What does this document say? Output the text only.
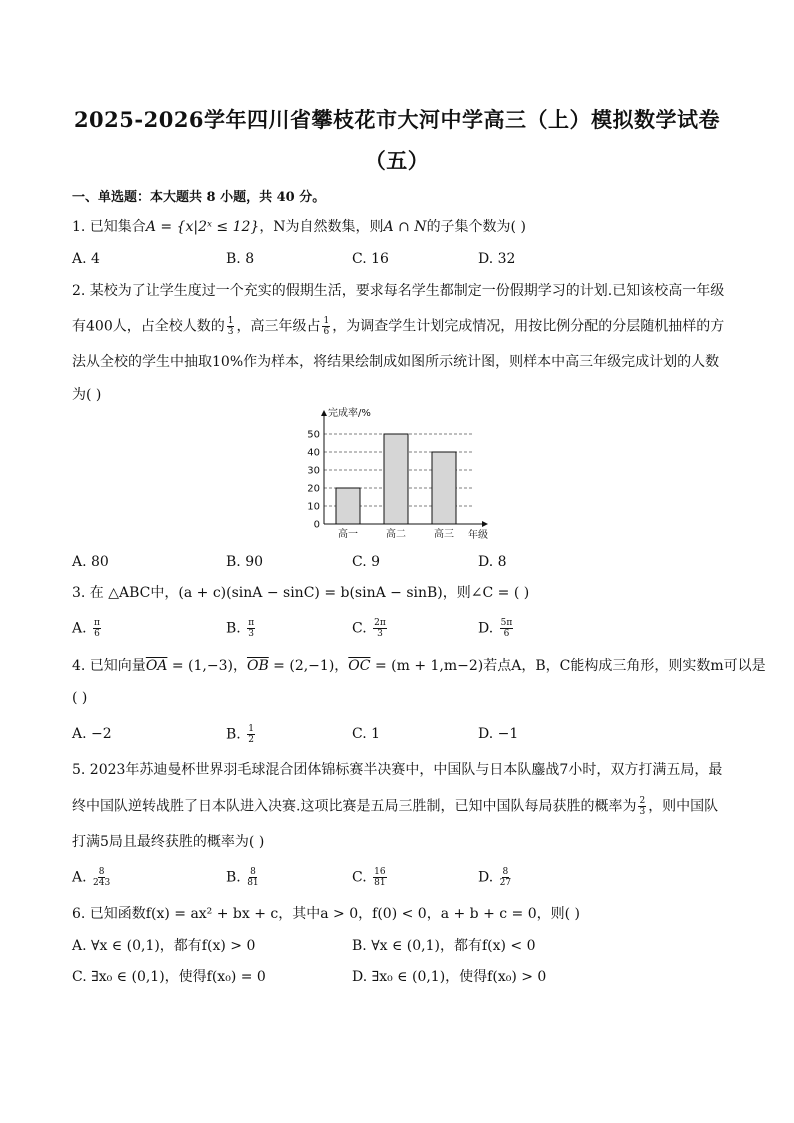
2025-2026学年四川省攀枝花市大河中学高三（上）模拟数学试卷
（五）
一、单选题：本大题共 8 小题，共 40 分。
1. 已知集合A = {x|2ˣ ≤ 12}，N为自然数集，则A ∩ N的子集个数为( )
A. 4	B. 8	C. 16	D. 32
2. 某校为了让学生度过一个充实的假期生活，要求每名学生都制定一份假期学习的计划.已知该校高一年级
有400人，占全校人数的 $\frac{1}{3}$ ，高三年级占 $\frac{1}{6}$ ，为调查学生计划完成情况，用按比例分配的分层随机抽样的方
法从全校的学生中抽取10%作为样本，将结果绘制成如图所示统计图，则样本中高三年级完成计划的人数
为( )
0
10
20
30
40
50
高一	高二	高三
完成率/%
年级
A. 80	B. 90	C. 9	D. 8
3. 在 △ABC中，(a + c)(sinA − sinC) = b(sinA − sinB)，则∠C = ( )
A. $\frac{\pi}{6}$	B. $\frac{\pi}{3}$	C. $\frac{2\pi}{3}$	D. $\frac{5\pi}{6}$
4. 已知向量$\overline{OA} = (1,-3)$，$\overline{OB} = (2,-1)$，$\overline{OC} = (m + 1,m-2)$若点A，B，C能构成三角形，则实数m可以是
( )
A. −2	B. $\frac{1}{2}$	C. 1	D. −1
5. 2023年苏迪曼杯世界羽毛球混合团体锦标赛半决赛中，中国队与日本队鏖战7小时，双方打满五局，最
终中国队逆转战胜了日本队进入决赛.这项比赛是五局三胜制，已知中国队每局获胜的概率为 $\frac{2}{3}$ ，则中国队
打满5局且最终获胜的概率为( )
A. $\frac{8}{243}$	B. $\frac{8}{81}$	C. $\frac{16}{81}$	D. $\frac{8}{27}$
6. 已知函数f(x) = ax² + bx + c，其中a > 0，f(0) < 0，a + b + c = 0，则( )
A. ∀x ∈ (0,1)，都有f(x) > 0	B. ∀x ∈ (0,1)，都有f(x) < 0
C. ∃x₀ ∈ (0,1)，使得f(x₀) = 0	D. ∃x₀ ∈ (0,1)，使得f(x₀) > 0
